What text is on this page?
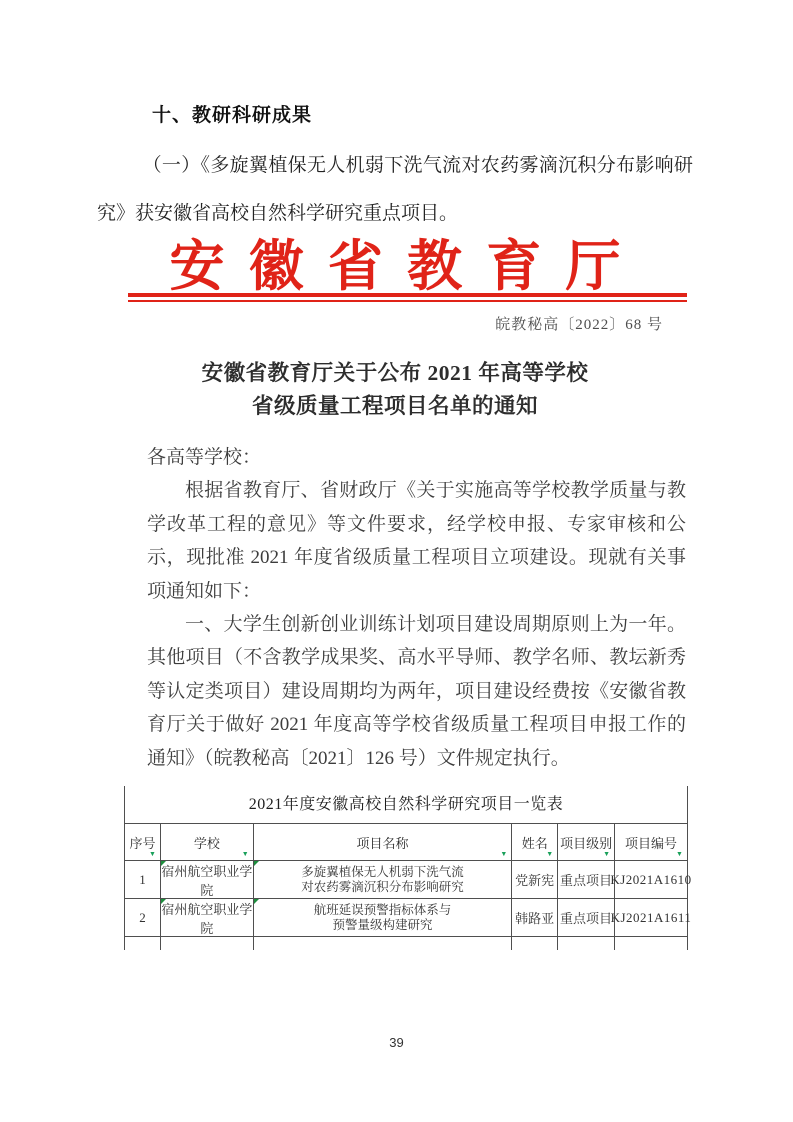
十、教研科研成果

（一）《多旋翼植保无人机弱下洗气流对农药雾滴沉积分布影响研究》获安徽省高校自然科学研究重点项目。

安徽省教育厅
皖教秘高〔2022〕68 号
安徽省教育厅关于公布 2021 年高等学校
省级质量工程项目名单的通知

各高等学校：

根据省教育厅、省财政厅《关于实施高等学校教学质量与教学改革工程的意见》等文件要求，经学校申报、专家审核和公示，现批准 2021 年度省级质量工程项目立项建设。现就有关事项通知如下：

一、大学生创新创业训练计划项目建设周期原则上为一年。其他项目（不含教学成果奖、高水平导师、教学名师、教坛新秀等认定类项目）建设周期均为两年，项目建设经费按《安徽省教育厅关于做好 2021 年度高等学校省级质量工程项目申报工作的通知》（皖教秘高〔2021〕126 号）文件规定执行。

2021年度安徽高校自然科学研究项目一览表
序号
▼
学校
▼
项目名称
▼
姓名
▼
项目级别
▼
项目编号
▼
1
宿州航空职业学院
多旋翼植保无人机弱下洗气流
对农药雾滴沉积分布影响研究	党新宪 重点项目
KJ2021A1610
2
宿州航空职业学院
航班延误预警指标体系与
预警量级构建研究	韩路亚 重点项目
KJ2021A1611
39
